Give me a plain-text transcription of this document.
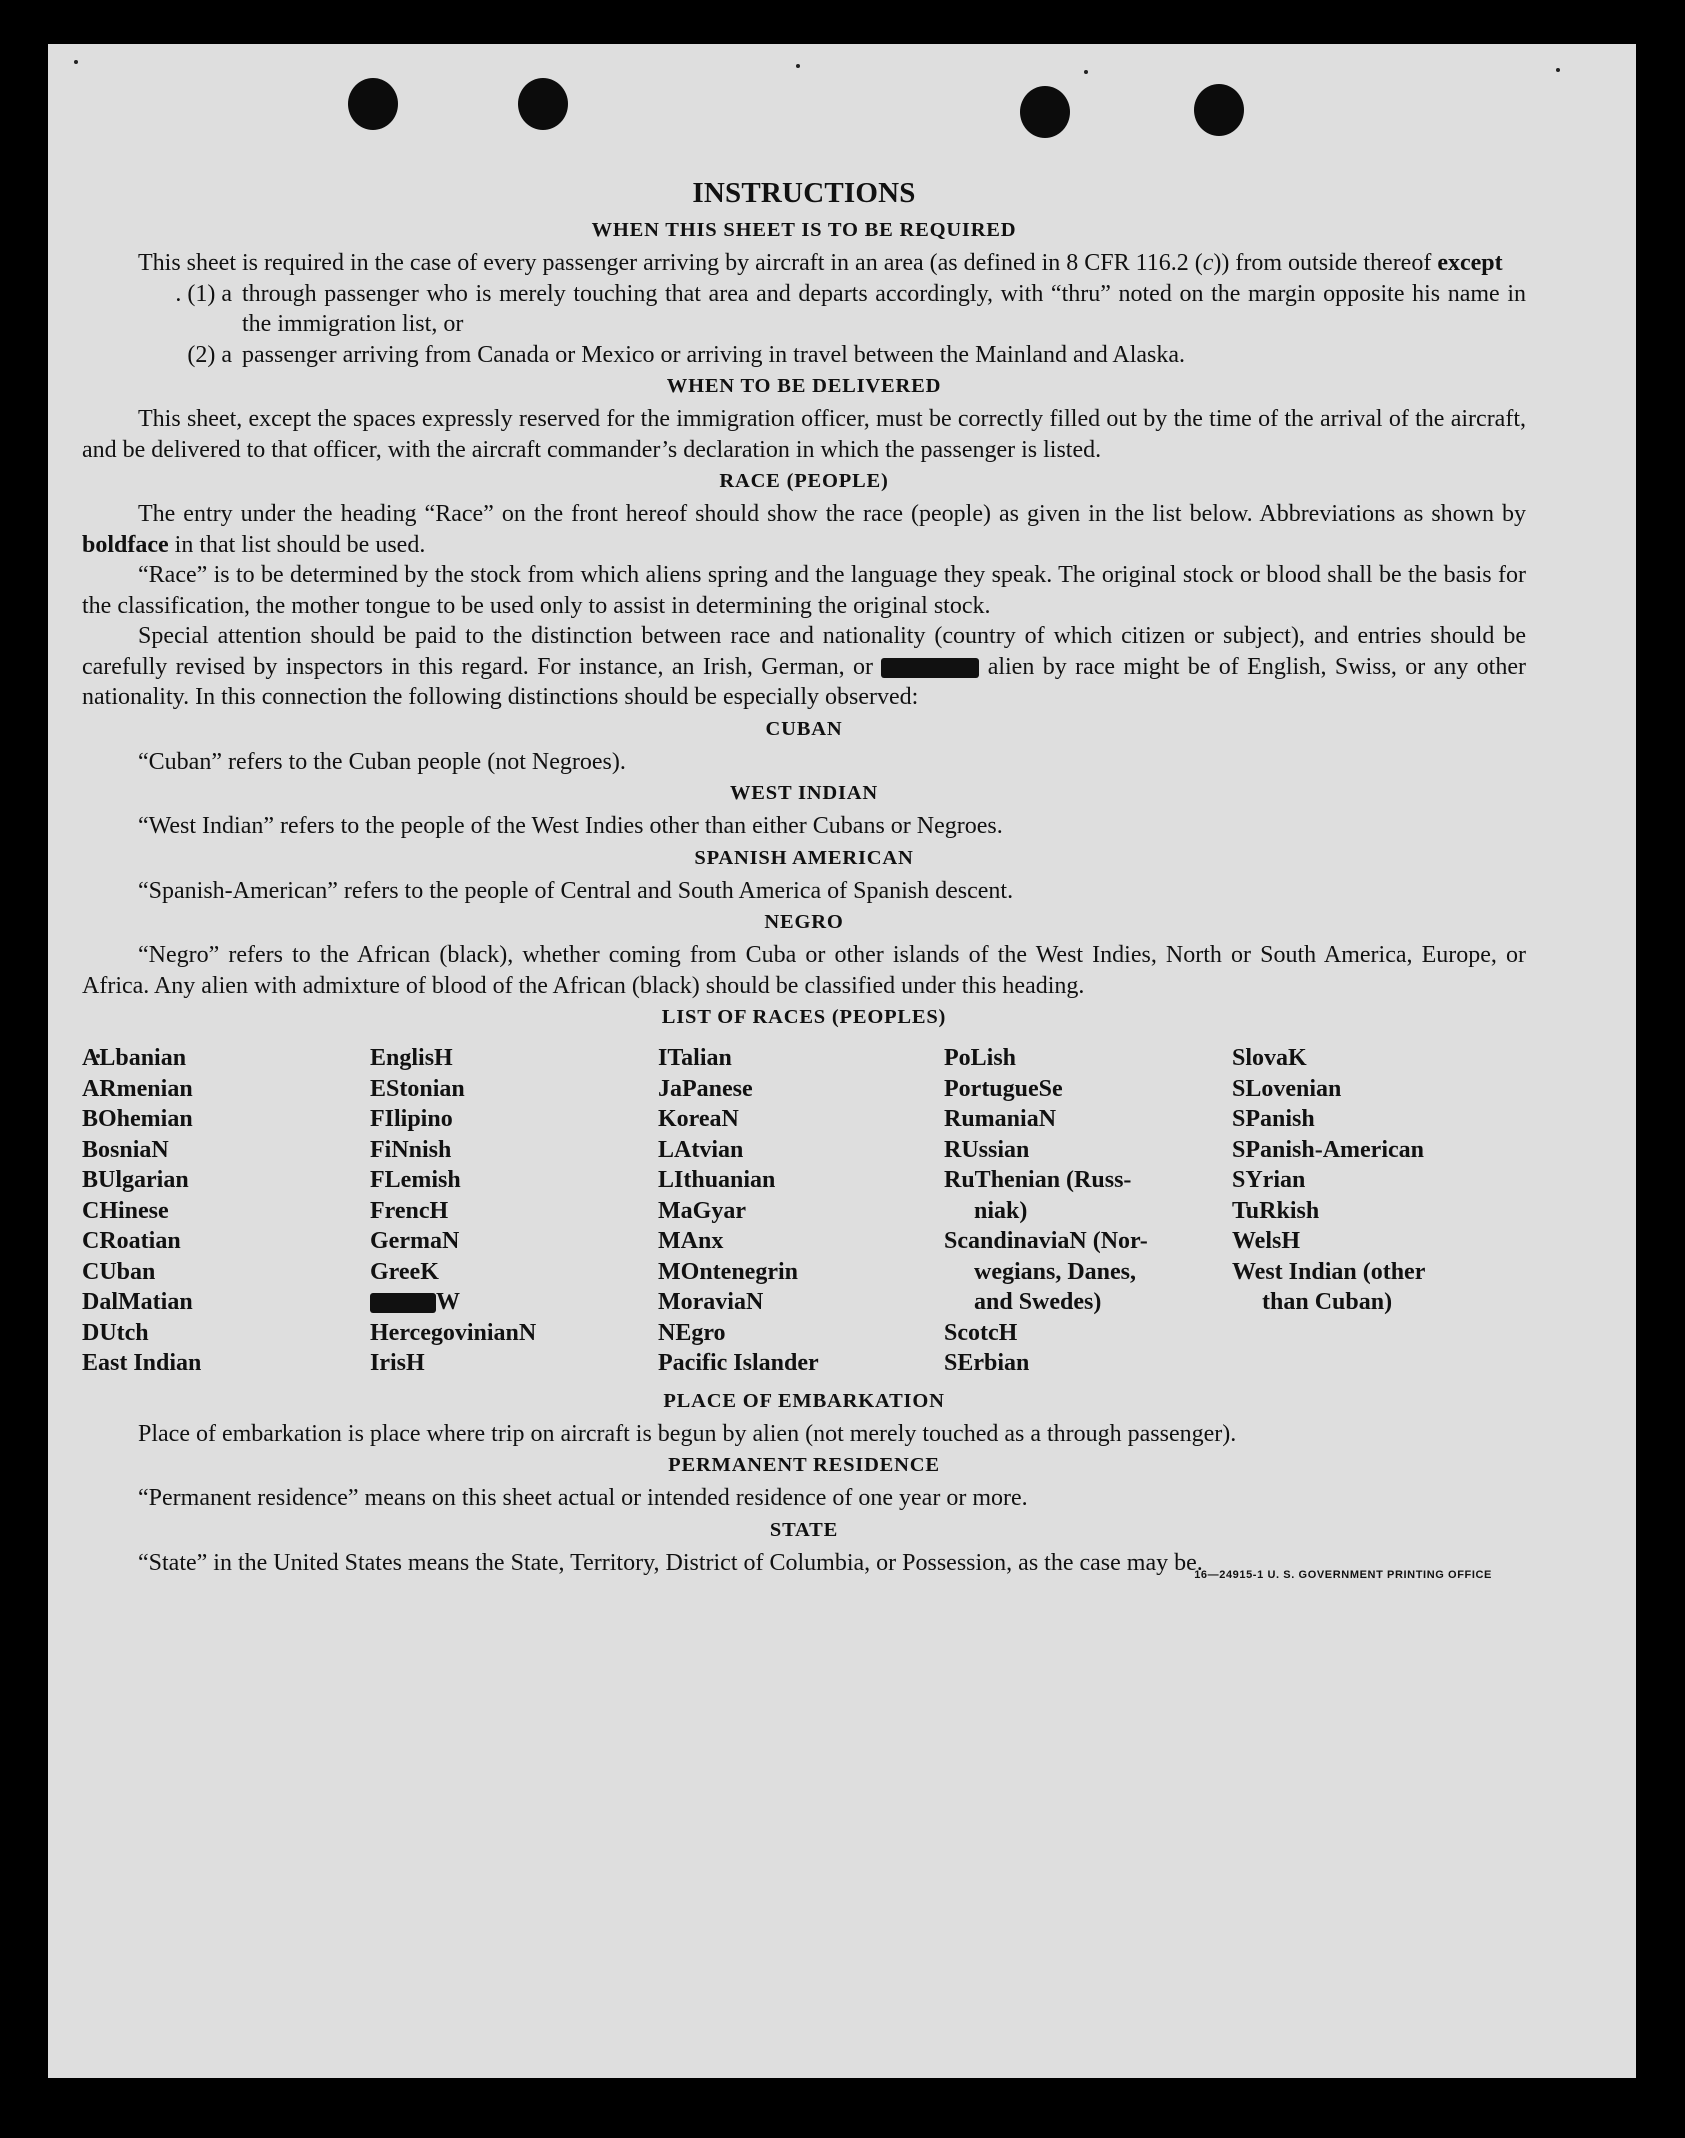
INSTRUCTIONS
WHEN THIS SHEET IS TO BE REQUIRED

This sheet is required in the case of every passenger arriving by aircraft in an area (as defined in 8 CFR 116.2 (c)) from outside thereof except

. (1) a through passenger who is merely touching that area and departs accordingly, with “thru” noted on the margin opposite his name in the immigration list, or
(2) a passenger arriving from Canada or Mexico or arriving in travel between the Mainland and Alaska.
WHEN TO BE DELIVERED

This sheet, except the spaces expressly reserved for the immigration officer, must be correctly filled out by the time of the arrival of the aircraft, and be delivered to that officer, with the aircraft commander’s declaration in which the passenger is listed.

RACE (PEOPLE)

The entry under the heading “Race” on the front hereof should show the race (people) as given in the list below. Abbreviations as shown by boldface in that list should be used.

“Race” is to be determined by the stock from which aliens spring and the language they speak. The original stock or blood shall be the basis for the classification, the mother tongue to be used only to assist in determining the original stock.

Special attention should be paid to the distinction between race and nationality (country of which citizen or subject), and entries should be carefully revised by inspectors in this regard. For instance, an Irish, German, or	alien by race might be of English, Swiss, or any other nationality. In this connection the following distinctions should be especially observed:

CUBAN

“Cuban” refers to the Cuban people (not Negroes).

WEST INDIAN

“West Indian” refers to the people of the West Indies other than either Cubans or Negroes.

SPANISH AMERICAN

“Spanish-American” refers to the people of Central and South America of Spanish descent.

NEGRO

“Negro” refers to the African (black), whether coming from Cuba or other islands of the West Indies, North or South America, Europe, or Africa. Any alien with admixture of blood of the African (black) should be classified under this heading.

LIST OF RACES (PEOPLES)
ALbanian
ARmenian
BOhemian
BosniaN
BUlgarian
CHinese
CRoatian
CUban
DalMatian
DUtch
East Indian
EnglisH
EStonian
FIlipino
FiNnish
FLemish
FrencH
GermaN
GreeK
W
HercegovinianN
IrisH
ITalian
JaPanese
KoreaN
LAtvian
LIthuanian
MaGyar
MAnx
MOntenegrin
MoraviaN
NEgro
Pacific Islander
PoLish
PortugueSe
RumaniaN
RUssian
RuThenian (Russ-
niak)
ScandinaviaN (Nor-
wegians, Danes,
and Swedes)
ScotcH
SErbian
SlovaK
SLovenian
SPanish
SPanish-American
SYrian
TuRkish
WelsH
West Indian (other
than Cuban)
PLACE OF EMBARKATION

Place of embarkation is place where trip on aircraft is begun by alien (not merely touched as a through passenger).

PERMANENT RESIDENCE

“Permanent residence” means on this sheet actual or intended residence of one year or more.

STATE

“State” in the United States means the State, Territory, District of Columbia, or Possession, as the case may be.

16—24915-1 U. S. GOVERNMENT PRINTING OFFICE
